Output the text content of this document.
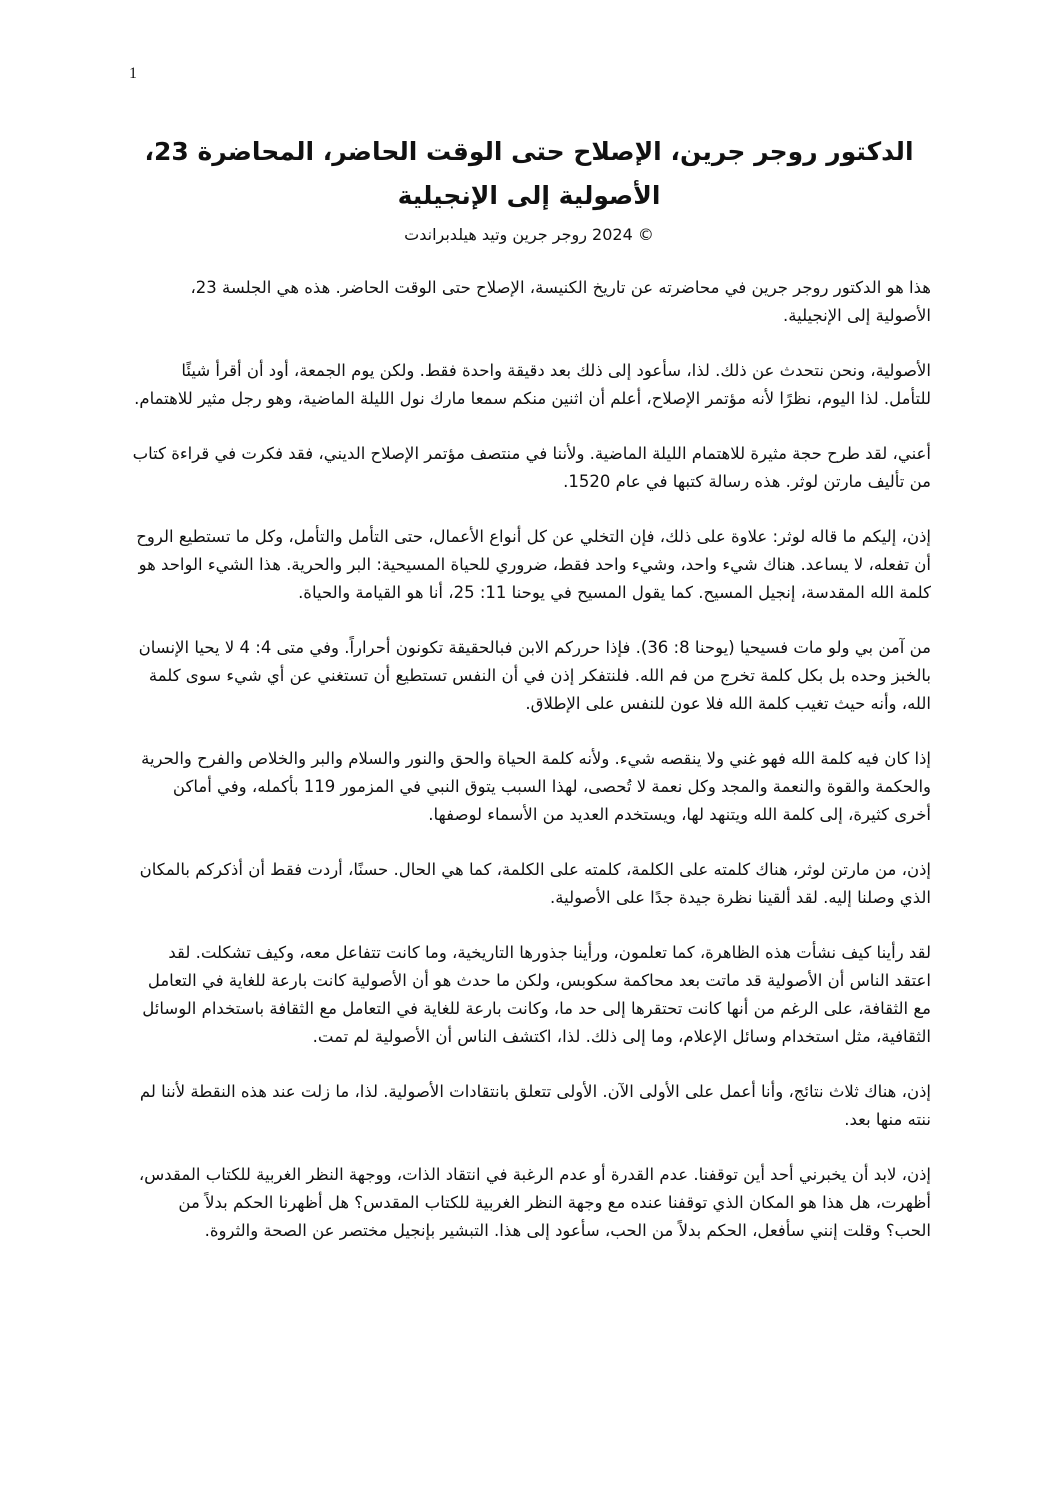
1
الدكتور روجر جرين، الإصلاح حتى الوقت الحاضر، المحاضرة 23، الأصولية إلى الإنجيلية
© 2024 روجر جرين وتيد هيلدبراندت

هذا هو الدكتور روجر جرين في محاضرته عن تاريخ الكنيسة، الإصلاح حتى الوقت الحاضر. هذه هي الجلسة 23، الأصولية إلى الإنجيلية.

الأصولية، ونحن نتحدث عن ذلك. لذا، سأعود إلى ذلك بعد دقيقة واحدة فقط. ولكن يوم الجمعة، أود أن أقرأ شيئًا للتأمل. لذا اليوم، نظرًا لأنه مؤتمر الإصلاح، أعلم أن اثنين منكم سمعا مارك نول الليلة الماضية، وهو رجل مثير للاهتمام.

أعني، لقد طرح حجة مثيرة للاهتمام الليلة الماضية. ولأننا في منتصف مؤتمر الإصلاح الديني، فقد فكرت في قراءة كتاب من تأليف مارتن لوثر. هذه رسالة كتبها في عام 1520.

إذن، إليكم ما قاله لوثر: علاوة على ذلك، فإن التخلي عن كل أنواع الأعمال، حتى التأمل والتأمل، وكل ما تستطيع الروح أن تفعله، لا يساعد. هناك شيء واحد، وشيء واحد فقط، ضروري للحياة المسيحية: البر والحرية. هذا الشيء الواحد هو كلمة الله المقدسة، إنجيل المسيح. كما يقول المسيح في يوحنا 11: 25، أنا هو القيامة والحياة.

من آمن بي ولو مات فسيحيا (يوحنا 8: 36). فإذا حرركم الابن فبالحقيقة تكونون أحراراً. وفي متى 4: 4 لا يحيا الإنسان بالخبز وحده بل بكل كلمة تخرج من فم الله. فلنتفكر إذن في أن النفس تستطيع أن تستغني عن أي شيء سوى كلمة الله، وأنه حيث تغيب كلمة الله فلا عون للنفس على الإطلاق.

إذا كان فيه كلمة الله فهو غني ولا ينقصه شيء. ولأنه كلمة الحياة والحق والنور والسلام والبر والخلاص والفرح والحرية والحكمة والقوة والنعمة والمجد وكل نعمة لا تُحصى، لهذا السبب يتوق النبي في المزمور 119 بأكمله، وفي أماكن أخرى كثيرة، إلى كلمة الله ويتنهد لها، ويستخدم العديد من الأسماء لوصفها.

إذن، من مارتن لوثر، هناك كلمته على الكلمة، كلمته على الكلمة، كما هي الحال. حسنًا، أردت فقط أن أذكركم بالمكان الذي وصلنا إليه. لقد ألقينا نظرة جيدة جدًا على الأصولية.

لقد رأينا كيف نشأت هذه الظاهرة، كما تعلمون، ورأينا جذورها التاريخية، وما كانت تتفاعل معه، وكيف تشكلت. لقد اعتقد الناس أن الأصولية قد ماتت بعد محاكمة سكوبس، ولكن ما حدث هو أن الأصولية كانت بارعة للغاية في التعامل مع الثقافة، على الرغم من أنها كانت تحتقرها إلى حد ما، وكانت بارعة للغاية في التعامل مع الثقافة باستخدام الوسائل الثقافية، مثل استخدام وسائل الإعلام، وما إلى ذلك. لذا، اكتشف الناس أن الأصولية لم تمت.

إذن، هناك ثلاث نتائج، وأنا أعمل على الأولى الآن. الأولى تتعلق بانتقادات الأصولية. لذا، ما زلت عند هذه النقطة لأننا لم ننته منها بعد.

إذن، لابد أن يخبرني أحد أين توقفنا. عدم القدرة أو عدم الرغبة في انتقاد الذات، ووجهة النظر الغربية للكتاب المقدس، أظهرت، هل هذا هو المكان الذي توقفنا عنده مع وجهة النظر الغربية للكتاب المقدس؟ هل أظهرنا الحكم بدلاً من الحب؟ وقلت إنني سأفعل، الحكم بدلاً من الحب، سأعود إلى هذا. التبشير بإنجيل مختصر عن الصحة والثروة.
